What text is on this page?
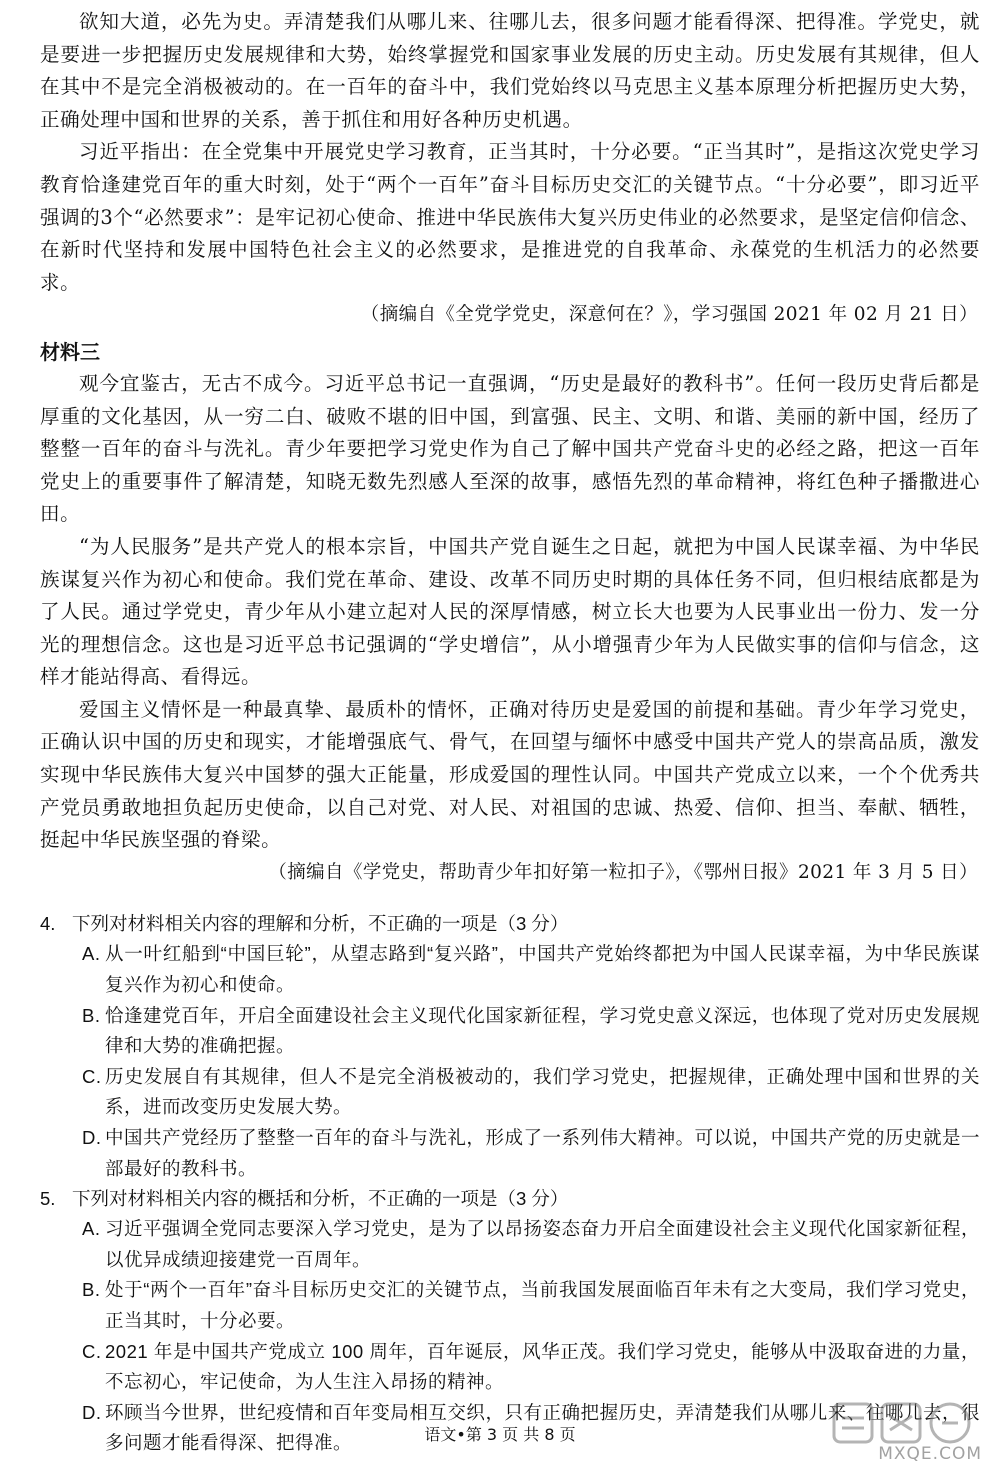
欲知大道，必先为史。弄清楚我们从哪儿来、往哪儿去，很多问题才能看得深、把得准。学党史，就是要进一步把握历史发展规律和大势，始终掌握党和国家事业发展的历史主动。历史发展有其规律，但人在其中不是完全消极被动的。在一百年的奋斗中，我们党始终以马克思主义基本原理分析把握历史大势，正确处理中国和世界的关系，善于抓住和用好各种历史机遇。

习近平指出：在全党集中开展党史学习教育，正当其时，十分必要。“正当其时”，是指这次党史学习教育恰逢建党百年的重大时刻，处于“两个一百年”奋斗目标历史交汇的关键节点。“十分必要”，即习近平强调的3个“必然要求”：是牢记初心使命、推进中华民族伟大复兴历史伟业的必然要求，是坚定信仰信念、在新时代坚持和发展中国特色社会主义的必然要求，是推进党的自我革命、永葆党的生机活力的必然要求。

（摘编自《全党学党史，深意何在？》，学习强国 2021 年 02 月 21 日）

材料三

观今宜鉴古，无古不成今。习近平总书记一直强调，“历史是最好的教科书”。任何一段历史背后都是厚重的文化基因，从一穷二白、破败不堪的旧中国，到富强、民主、文明、和谐、美丽的新中国，经历了整整一百年的奋斗与洗礼。青少年要把学习党史作为自己了解中国共产党奋斗史的必经之路，把这一百年党史上的重要事件了解清楚，知晓无数先烈感人至深的故事，感悟先烈的革命精神，将红色种子播撒进心田。

“为人民服务”是共产党人的根本宗旨，中国共产党自诞生之日起，就把为中国人民谋幸福、为中华民族谋复兴作为初心和使命。我们党在革命、建设、改革不同历史时期的具体任务不同，但归根结底都是为了人民。通过学党史，青少年从小建立起对人民的深厚情感，树立长大也要为人民事业出一份力、发一分光的理想信念。这也是习近平总书记强调的“学史增信”，从小增强青少年为人民做实事的信仰与信念，这样才能站得高、看得远。

爱国主义情怀是一种最真挚、最质朴的情怀，正确对待历史是爱国的前提和基础。青少年学习党史，正确认识中国的历史和现实，才能增强底气、骨气，在回望与缅怀中感受中国共产党人的崇高品质，激发实现中华民族伟大复兴中国梦的强大正能量，形成爱国的理性认同。中国共产党成立以来，一个个优秀共产党员勇敢地担负起历史使命，以自己对党、对人民、对祖国的忠诚、热爱、信仰、担当、奉献、牺牲，挺起中华民族坚强的脊梁。

（摘编自《学党史，帮助青少年扣好第一粒扣子》，《鄂州日报》2021 年 3 月 5 日）

4. 下列对材料相关内容的理解和分析，不正确的一项是（3 分）

A. 从一叶红船到“中国巨轮”，从望志路到“复兴路”，中国共产党始终都把为中国人民谋幸福，为中华民族谋复兴作为初心和使命。

B. 恰逢建党百年，开启全面建设社会主义现代化国家新征程，学习党史意义深远，也体现了党对历史发展规律和大势的准确把握。

C. 历史发展自有其规律，但人不是完全消极被动的，我们学习党史，把握规律，正确处理中国和世界的关系，进而改变历史发展大势。

D. 中国共产党经历了整整一百年的奋斗与洗礼，形成了一系列伟大精神。可以说，中国共产党的历史就是一部最好的教科书。

5. 下列对材料相关内容的概括和分析，不正确的一项是（3 分）

A. 习近平强调全党同志要深入学习党史，是为了以昂扬姿态奋力开启全面建设社会主义现代化国家新征程，以优异成绩迎接建党一百周年。

B. 处于“两个一百年”奋斗目标历史交汇的关键节点，当前我国发展面临百年未有之大变局，我们学习党史，正当其时，十分必要。

C. 2021 年是中国共产党成立 100 周年，百年诞辰，风华正茂。我们学习党史，能够从中汲取奋进的力量，不忘初心，牢记使命，为人生注入昂扬的精神。

D. 环顾当今世界，世纪疫情和百年变局相互交织，只有正确把握历史，弄清楚我们从哪儿来、往哪儿去，很多问题才能看得深、把得准。	语文•第 3 页 共 8 页
MXQE.COM
